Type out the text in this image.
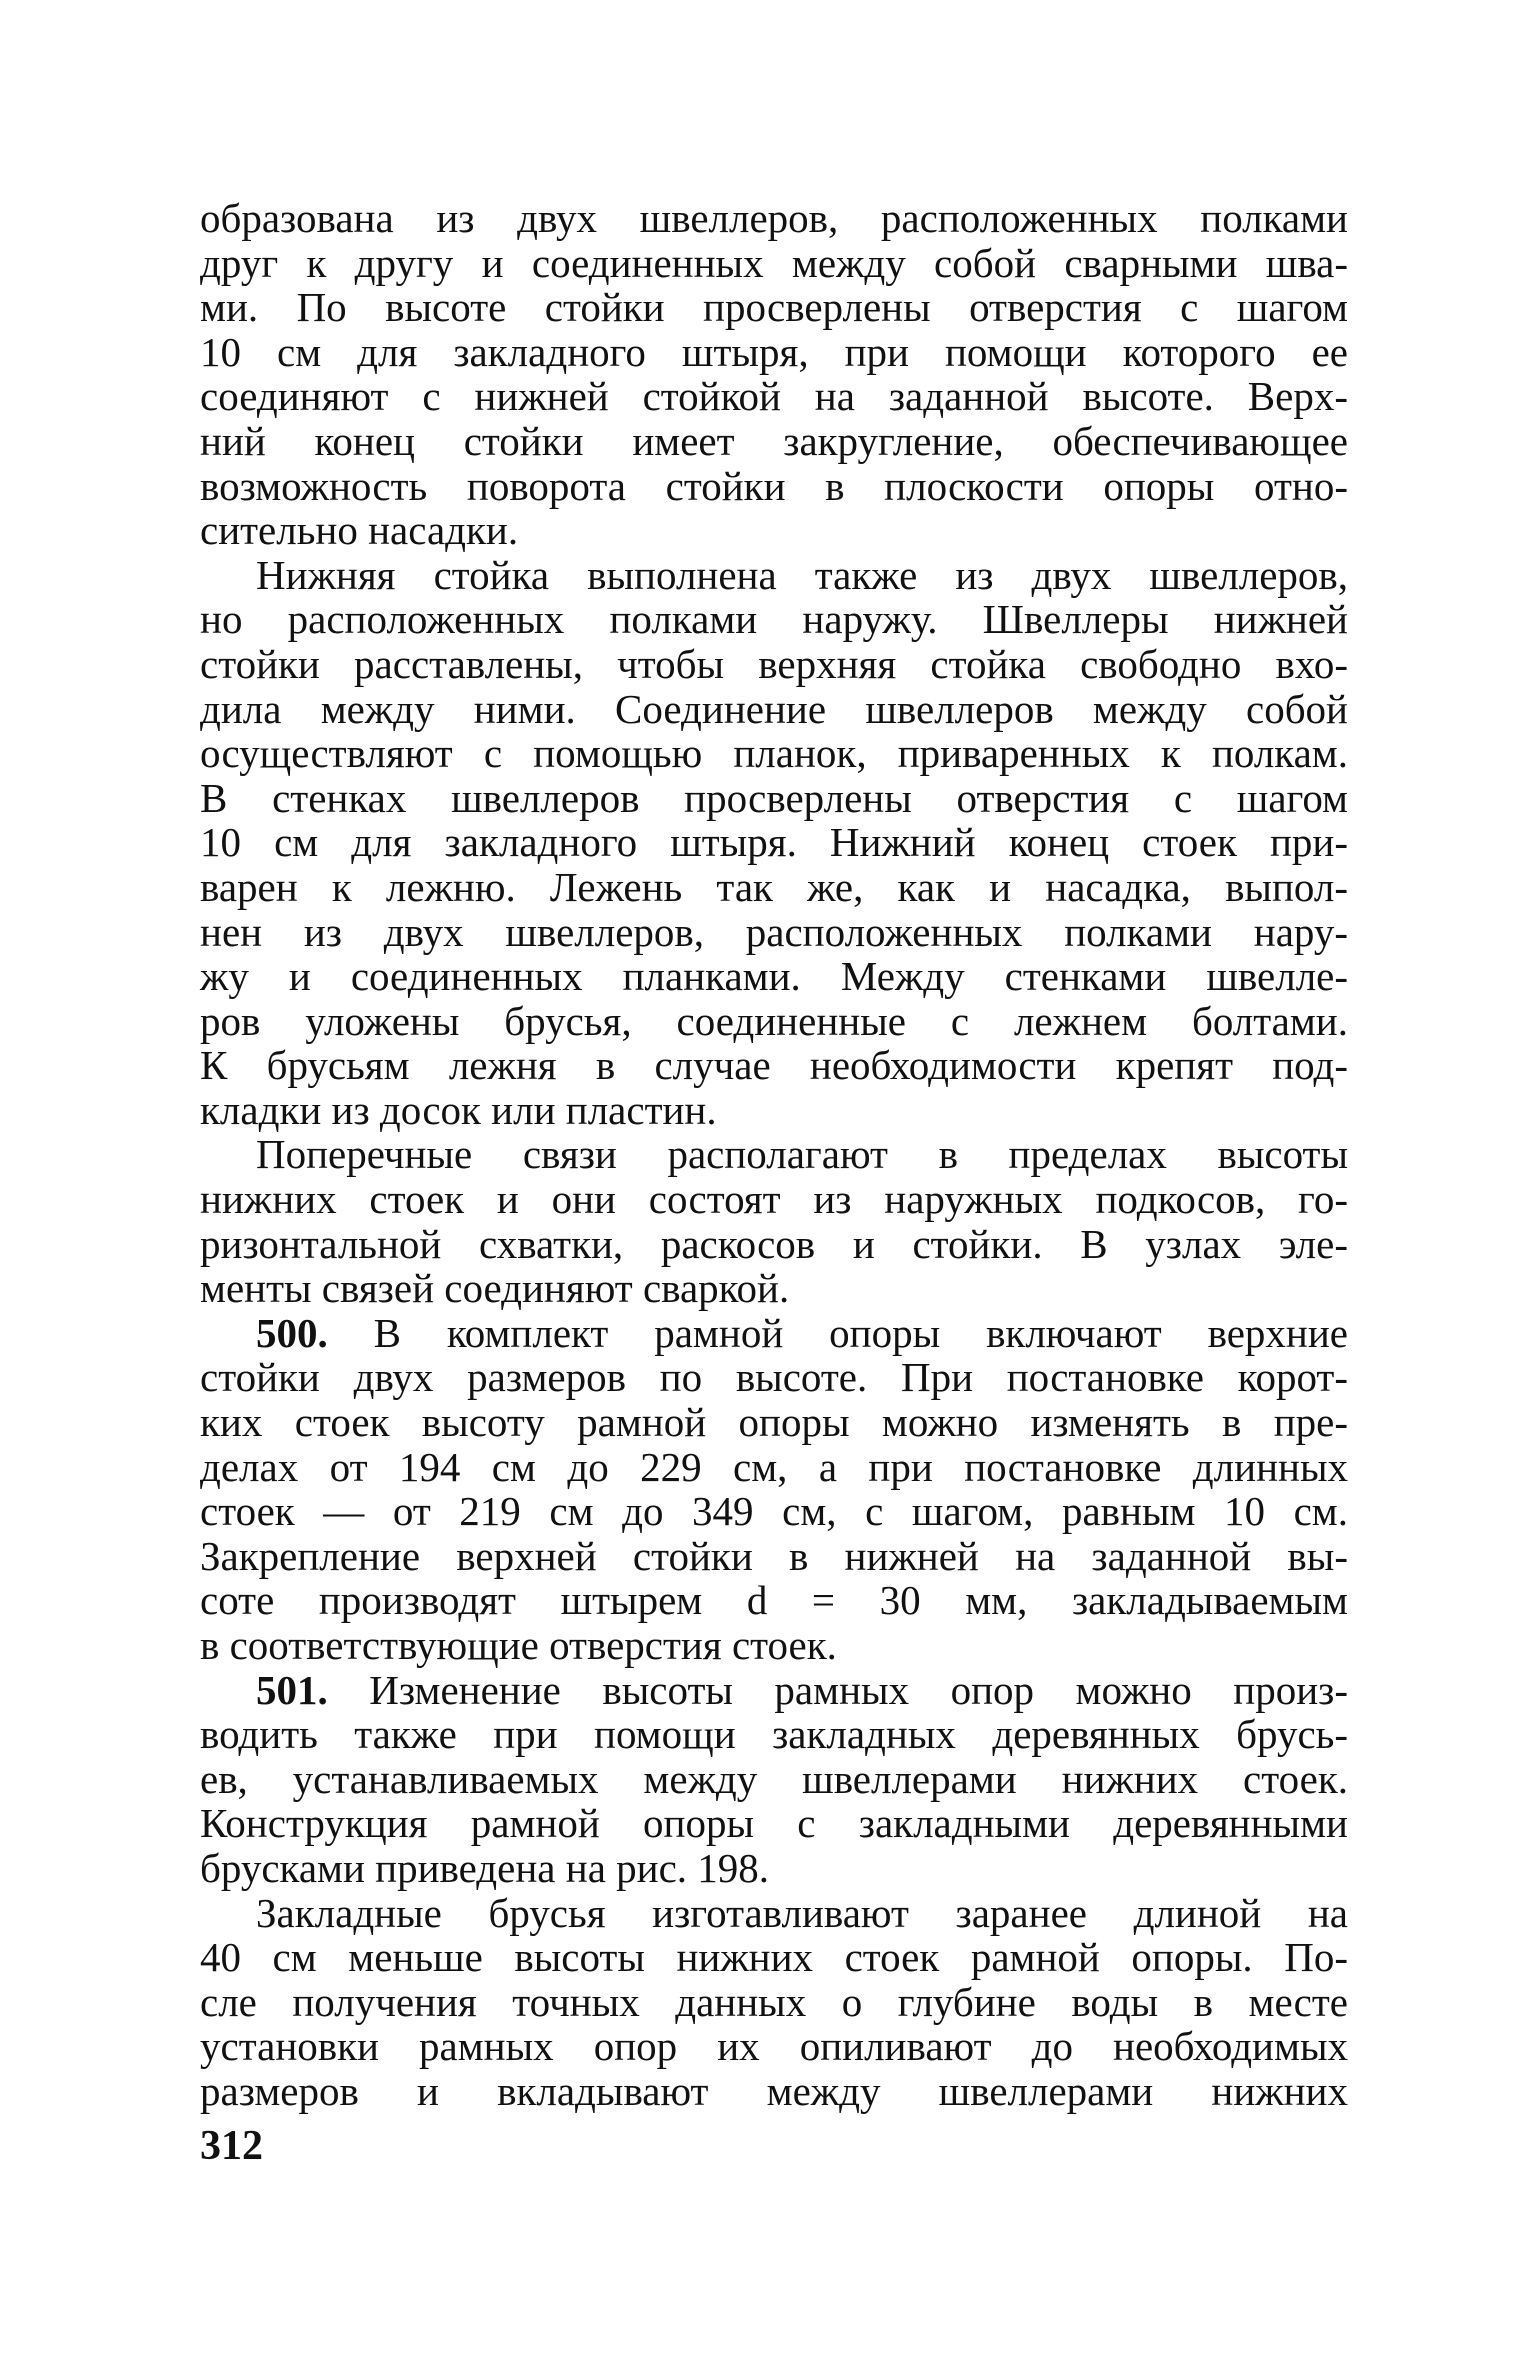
образована из двух швеллеров, расположенных полками
друг к другу и соединенных между собой сварными шва-
ми. По высоте стойки просверлены отверстия с шагом
10 см для закладного штыря, при помощи которого ее
соединяют с нижней стойкой на заданной высоте. Верх-
ний конец стойки имеет закругление, обеспечивающее
возможность поворота стойки в плоскости опоры отно-
сительно насадки.
Нижняя стойка выполнена также из двух швеллеров,
но расположенных полками наружу. Швеллеры нижней
стойки расставлены, чтобы верхняя стойка свободно вхо-
дила между ними. Соединение швеллеров между собой
осуществляют с помощью планок, приваренных к полкам.
В стенках швеллеров просверлены отверстия с шагом
10 см для закладного штыря. Нижний конец стоек при-
варен к лежню. Лежень так же, как и насадка, выпол-
нен из двух швеллеров, расположенных полками нару-
жу и соединенных планками. Между стенками швелле-
ров уложены брусья, соединенные с лежнем болтами.
К брусьям лежня в случае необходимости крепят под-
кладки из досок или пластин.
Поперечные связи располагают в пределах высоты
нижних стоек и они состоят из наружных подкосов, го-
ризонтальной схватки, раскосов и стойки. В узлах эле-
менты связей соединяют сваркой.
500. В комплект рамной опоры включают верхние
стойки двух размеров по высоте. При постановке корот-
ких стоек высоту рамной опоры можно изменять в пре-
делах от 194 см до 229 см, а при постановке длинных
стоек — от 219 см до 349 см, с шагом, равным 10 см.
Закрепление верхней стойки в нижней на заданной вы-
соте производят штырем d = 30 мм, закладываемым
в соответствующие отверстия стоек.
501. Изменение высоты рамных опор можно произ-
водить также при помощи закладных деревянных брусь-
ев, устанавливаемых между швеллерами нижних стоек.
Конструкция рамной опоры с закладными деревянными
брусками приведена на рис. 198.
Закладные брусья изготавливают заранее длиной на
40 см меньше высоты нижних стоек рамной опоры. По-
сле получения точных данных о глубине воды в месте
установки рамных опор их опиливают до необходимых
размеров и вкладывают между швеллерами нижних
312
